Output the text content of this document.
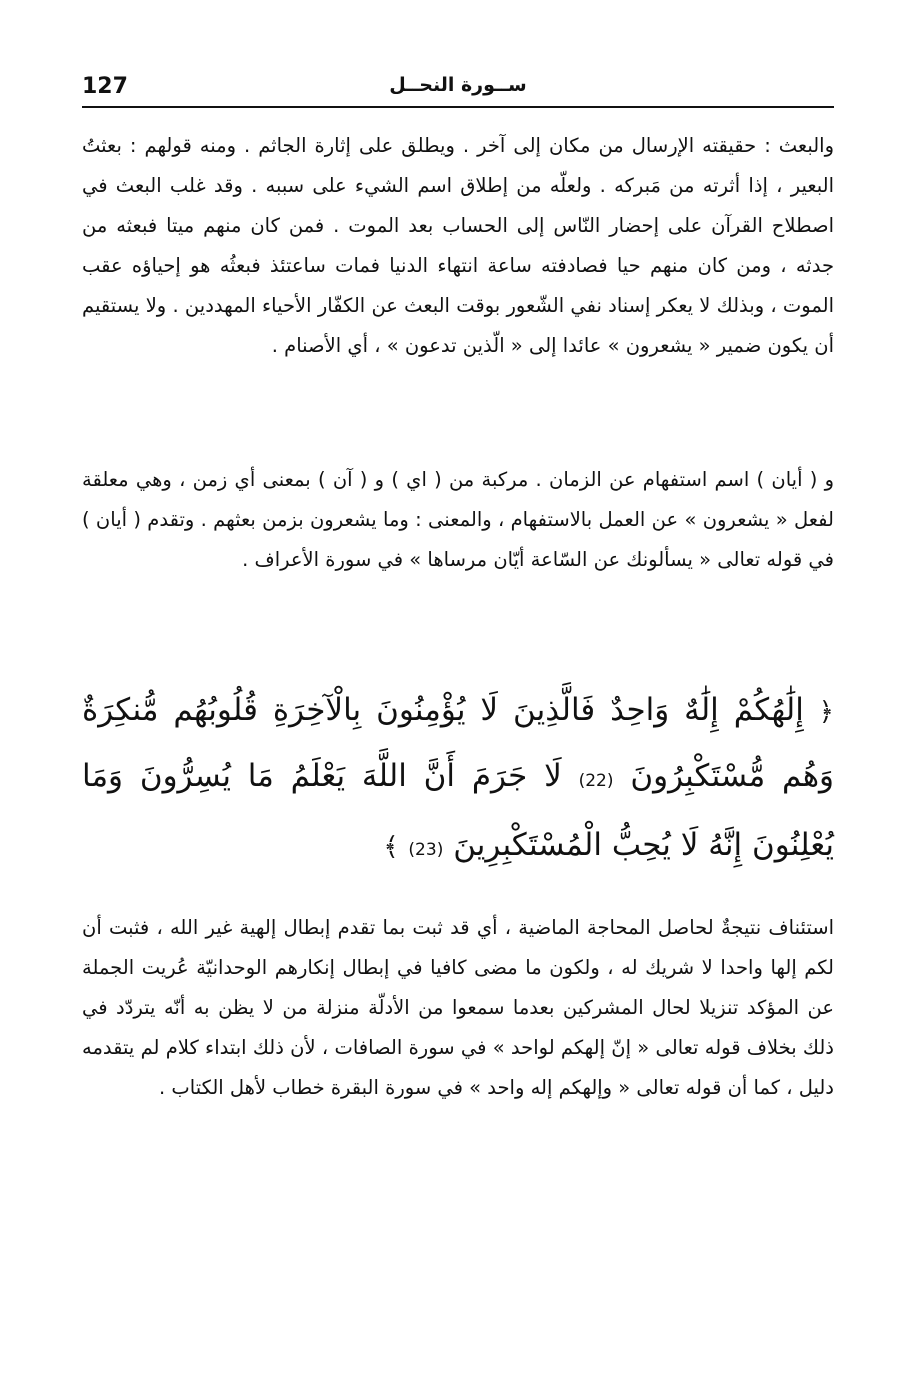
127	ســورة النحــل

والبعث : حقيقته الإرسال من مكان إلى آخر . ويطلق على إثارة الجاثم . ومنه قولهم : بعثتُ البعير ، إذا أثرته من مَبركه . ولعلّه من إطلاق اسم الشيء على سببه . وقد غلب البعث في اصطلاح القرآن على إحضار النّاس إلى الحساب بعد الموت . فمن كان منهم ميتا فبعثه من جدثه ، ومن كان منهم حيا فصادفته ساعة انتهاء الدنيا فمات ساعتئذ فبعثُه هو إحياؤه عقب الموت ، وبذلك لا يعكر إسناد نفي الشّعور بوقت البعث عن الكفّار الأحياء المهددين . ولا يستقيم أن يكون ضمير « يشعرون » عائدا إلى « الّذين تدعون » ، أي الأصنام .

و ( أيان ) اسم استفهام عن الزمان . مركبة من ( اي ) و ( آن ) بمعنى أي زمن ، وهي معلقة لفعل « يشعرون » عن العمل بالاستفهام ، والمعنى : وما يشعرون بزمن بعثهم . وتقدم ( أيان ) في قوله تعالى « يسألونك عن السّاعة أيّان مرساها » في سورة الأعراف .

﴿ إِلَٰهُكُمْ إِلَٰهٌ وَاحِدٌ فَالَّذِينَ لَا يُؤْمِنُونَ بِالْآخِرَةِ قُلُوبُهُم مُّنكِرَةٌ وَهُم مُّسْتَكْبِرُونَ (22) لَا جَرَمَ أَنَّ اللَّهَ يَعْلَمُ مَا يُسِرُّونَ وَمَا يُعْلِنُونَ إِنَّهُ لَا يُحِبُّ الْمُسْتَكْبِرِينَ (23) ﴾

استئناف نتيجةٌ لحاصل المحاجة الماضية ، أي قد ثبت بما تقدم إبطال إلهية غير الله ، فثبت أن لكم إلها واحدا لا شريك له ، ولكون ما مضى كافيا في إبطال إنكارهم الوحدانيّة عُريت الجملة عن المؤكد تنزيلا لحال المشركين بعدما سمعوا من الأدلّة منزلة من لا يظن به أنّه يتردّد في ذلك بخلاف قوله تعالى « إنّ إلهكم لواحد » في سورة الصافات ، لأن ذلك ابتداء كلام لم يتقدمه دليل ، كما أن قوله تعالى « وإلهكم إله واحد » في سورة البقرة خطاب لأهل الكتاب .
